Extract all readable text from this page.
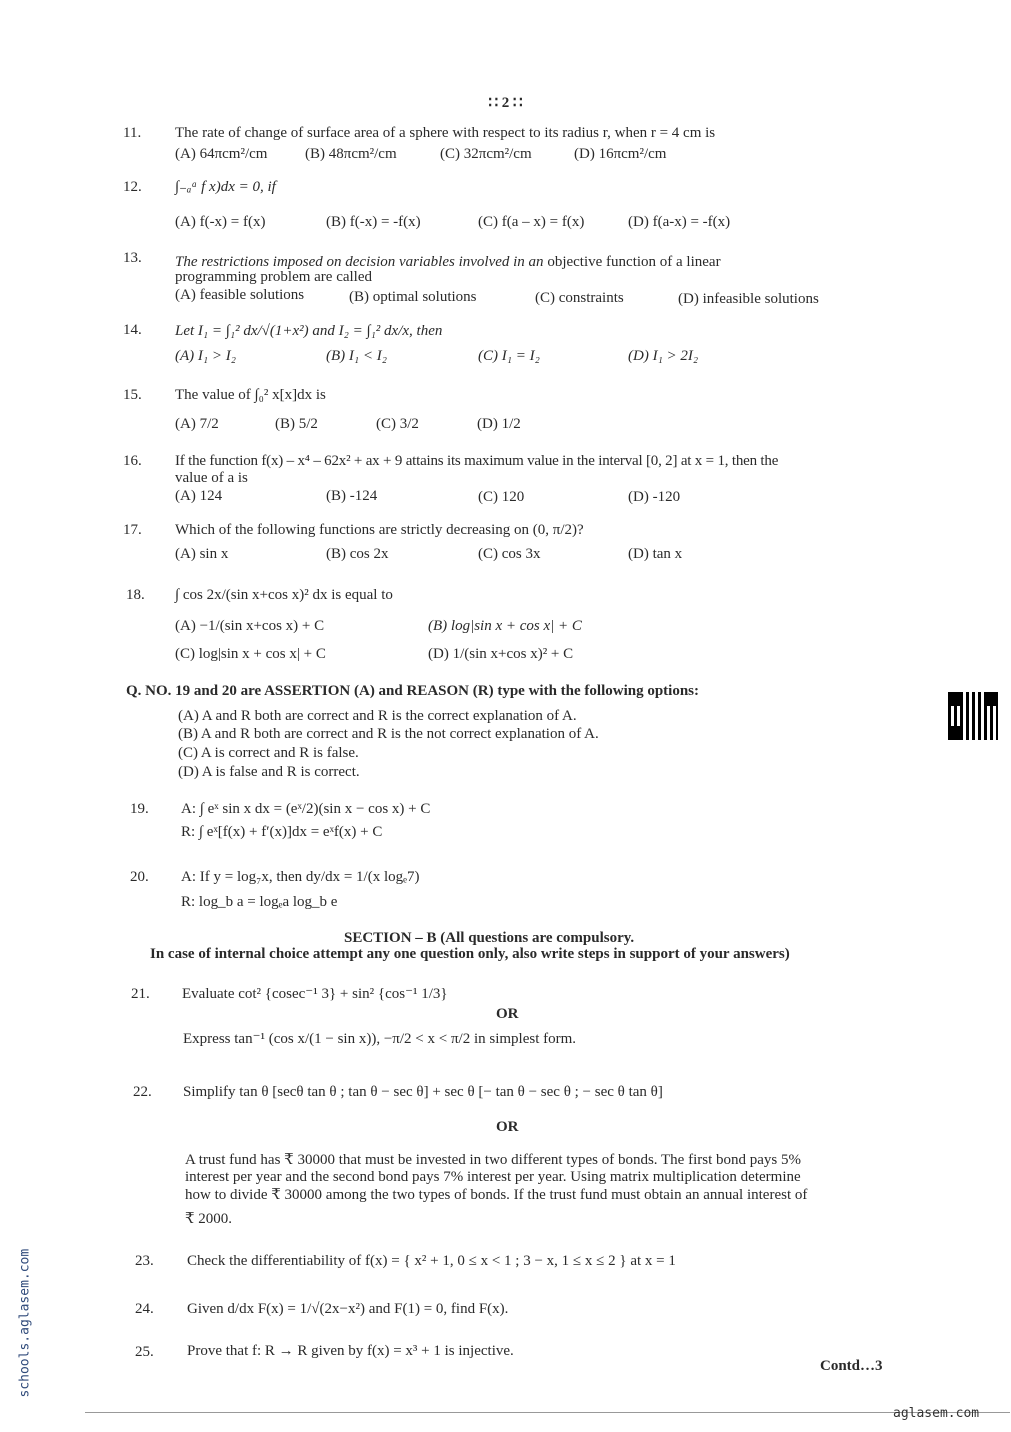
∷ 2 ∷
11. The rate of change of surface area of a sphere with respect to its radius r, when r = 4 cm is
(A) 64πcm²/cm	(B) 48πcm²/cm	(C) 32πcm²/cm	(D) 16πcm²/cm
12. ∫₋ₐᵃ f x)dx = 0, if
(A) f(-x) = f(x)	(B) f(-x) = -f(x)	(C) f(a – x) = f(x)	(D) f(a-x) = -f(x)
13. The restrictions imposed on decision variables involved in an objective function of a linear
programming problem are called
(A) feasible solutions	(B) optimal solutions	(C) constraints	(D) infeasible solutions
14. Let I₁ = ∫₁² dx/√(1+x²) and I₂ = ∫₁² dx/x, then
(A) I₁ > I₂	(B) I₁ < I₂	(C) I₁ = I₂	(D) I₁ > 2I₂
15. The value of ∫₀² x[x]dx is
(A) 7/2	(B) 5/2	(C) 3/2	(D) 1/2
16. If the function f(x) – x⁴ – 62x² + ax + 9 attains its maximum value in the interval [0, 2] at x = 1, then the
value of a is
(A) 124	(B) -124	(C) 120	(D) -120
17. Which of the following functions are strictly decreasing on (0, π/2)?
(A) sin x	(B) cos 2x	(C) cos 3x	(D) tan x
18. ∫ cos 2x/(sin x+cos x)² dx is equal to
(A) −1/(sin x+cos x) + C	(B) log|sin x + cos x| + C
(C) log|sin x + cos x| + C	(D) 1/(sin x+cos x)² + C
Q. NO. 19 and 20 are ASSERTION (A) and REASON (R) type with the following options:
(A) A and R both are correct and R is the correct explanation of A.
(B) A and R both are correct and R is the not correct explanation of A.
(C) A is correct and R is false.
(D) A is false and R is correct.
19. A: ∫ eˣ sin x dx = (eˣ/2)(sin x − cos x) + C
R: ∫ eˣ[f(x) + f′(x)]dx = eˣf(x) + C
20. A: If y = log₇x, then dy/dx = 1/(x logₑ7)
R: log_b a = logₑa log_b e
SECTION – B (All questions are compulsory.
In case of internal choice attempt any one question only, also write steps in support of your answers)
21. Evaluate cot² {cosec⁻¹ 3} + sin² {cos⁻¹ 1/3}
OR
Express tan⁻¹ (cos x/(1 − sin x)), −π/2 < x < π/2 in simplest form.
22. Simplify tan θ [secθ tan θ ; tan θ − sec θ] + sec θ [− tan θ − sec θ ; − sec θ tan θ]
OR
A trust fund has ₹ 30000 that must be invested in two different types of bonds. The first bond pays 5%
interest per year and the second bond pays 7% interest per year. Using matrix multiplication determine
how to divide ₹ 30000 among the two types of bonds. If the trust fund must obtain an annual interest of
₹ 2000.
23. Check the differentiability of f(x) = { x² + 1, 0 ≤ x < 1 ; 3 − x, 1 ≤ x ≤ 2 } at x = 1
24. Given d/dx F(x) = 1/√(2x−x²) and F(1) = 0, find F(x).
25. Prove that f: R → R given by f(x) = x³ + 1 is injective.
Contd…3
schools.aglasem.com
aglasem.com
